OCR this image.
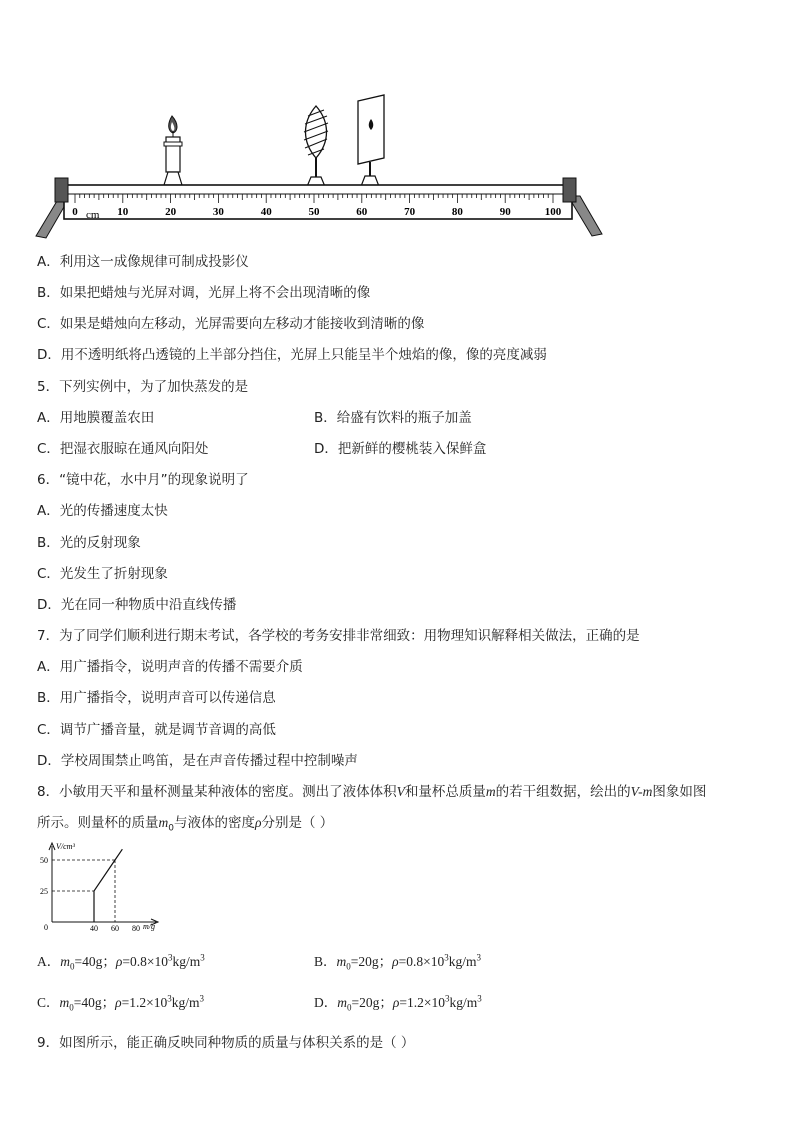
0	10	20	30	40	50	60	70	80	90	100
cm
A．利用这一成像规律可制成投影仪
B．如果把蜡烛与光屏对调，光屏上将不会出现清晰的像
C．如果是蜡烛向左移动，光屏需要向左移动才能接收到清晰的像
D．用不透明纸将凸透镜的上半部分挡住，光屏上只能呈半个烛焰的像，像的亮度减弱
5．下列实例中，为了加快蒸发的是
A．用地膜覆盖农田	B．给盛有饮料的瓶子加盖
C．把湿衣服晾在通风向阳处	D．把新鲜的樱桃装入保鲜盒
6．“镜中花，水中月”的现象说明了
A．光的传播速度太快
B．光的反射现象
C．光发生了折射现象
D．光在同一种物质中沿直线传播
7．为了同学们顺利进行期末考试，各学校的考务安排非常细致：用物理知识解释相关做法，正确的是
A．用广播指令，说明声音的传播不需要介质
B．用广播指令，说明声音可以传递信息
C．调节广播音量，就是调节音调的高低
D．学校周围禁止鸣笛，是在声音传播过程中控制噪声
8．小敏用天平和量杯测量某种液体的密度。测出了液体体积V和量杯总质量m的若干组数据，绘出的V-m图象如图
所示。则量杯的质量$m_0$与液体的密度ρ分别是（ ）
V/cm³
m/g
0	40 60 80
25
50
A．$m_0=40g$；$\rho=0.8\times 10^3kg/m^3$	B．$m_0=20g$；$\rho=0.8\times 10^3kg/m^3$
C．$m_0=40g$；$\rho=1.2\times 10^3kg/m^3$	D．$m_0=20g$；$\rho=1.2\times 10^3kg/m^3$
9．如图所示，能正确反映同种物质的质量与体积关系的是（ ）
